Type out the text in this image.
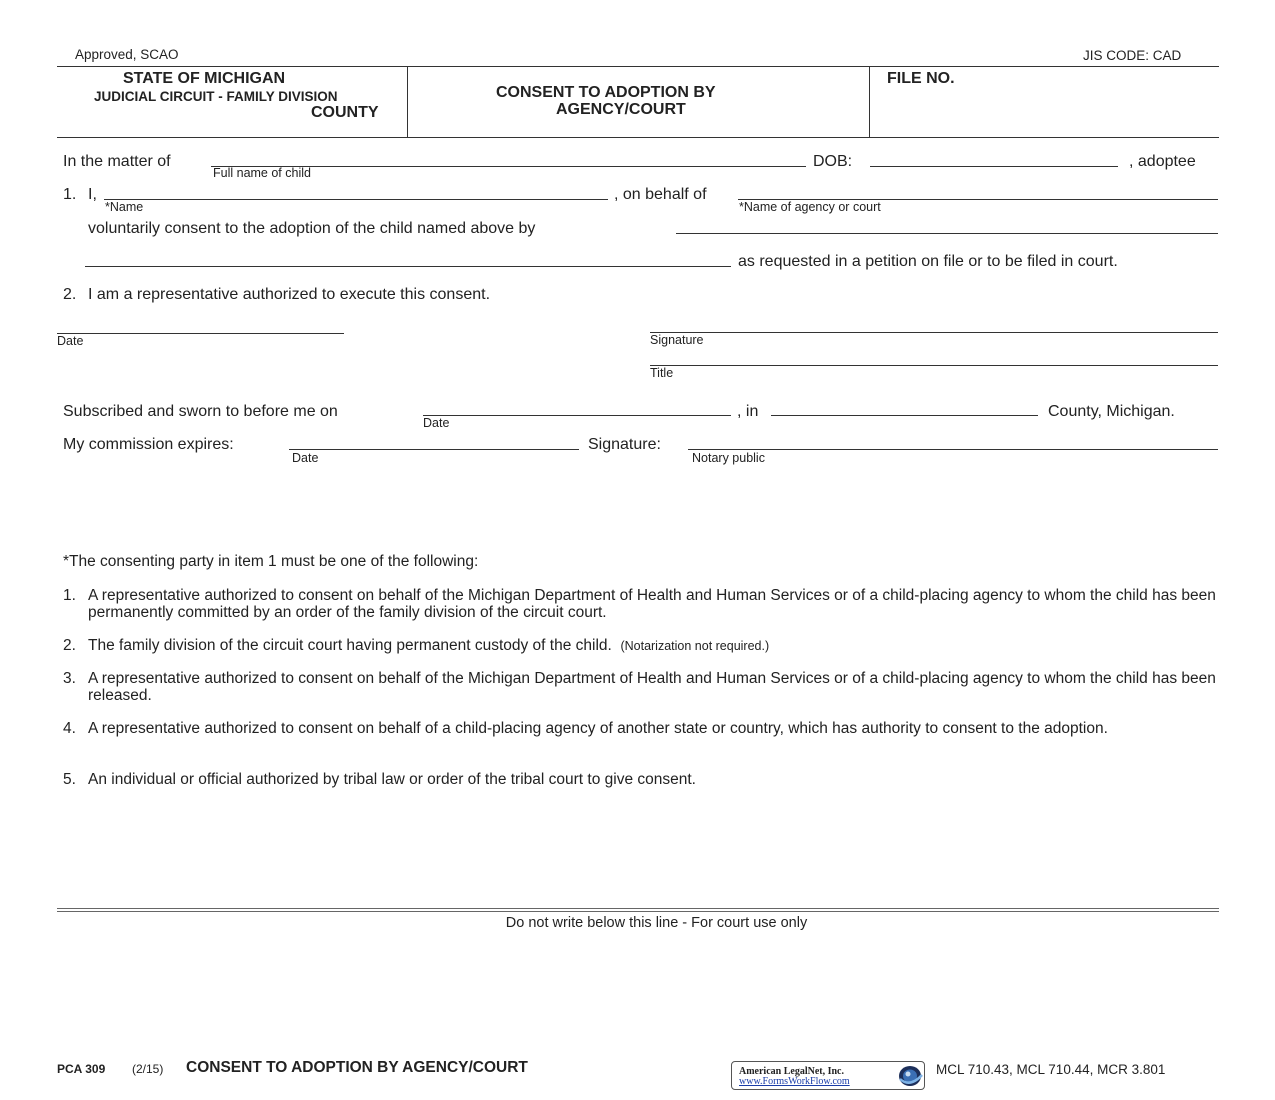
Approved, SCAO	JIS CODE: CAD
STATE OF MICHIGAN
JUDICIAL CIRCUIT - FAMILY DIVISION
COUNTY
CONSENT TO ADOPTION BY
AGENCY/COURT
FILE NO.
In the matter of
Full name of child
DOB:	, adoptee
1. I,
*Name
, on behalf of
*Name of agency or court
voluntarily consent to the adoption of the child named above by
as requested in a petition on file or to be filed in court.
2. I am a representative authorized to execute this consent.
Date	Signature
Title
Subscribed and sworn to before me on
Date
, in	County, Michigan.
My commission expires:
Date
Signature:
Notary public
*The consenting party in item 1 must be one of the following:
1. A representative authorized to consent on behalf of the Michigan Department of Health and Human Services or of a child-placing agency to whom the child has been permanently committed by an order of the family division of the circuit court.
2. The family division of the circuit court having permanent custody of the child. (Notarization not required.)
3. A representative authorized to consent on behalf of the Michigan Department of Health and Human Services or of a child-placing agency to whom the child has been released.
4. A representative authorized to consent on behalf of a child-placing agency of another state or country, which has authority to consent to the adoption.
5. An individual or official authorized by tribal law or order of the tribal court to give consent.
Do not write below this line - For court use only
PCA 309 (2/15) CONSENT TO ADOPTION BY AGENCY/COURT	American LegalNet, Inc.
www.FormsWorkFlow.com
MCL 710.43, MCL 710.44, MCR 3.801
